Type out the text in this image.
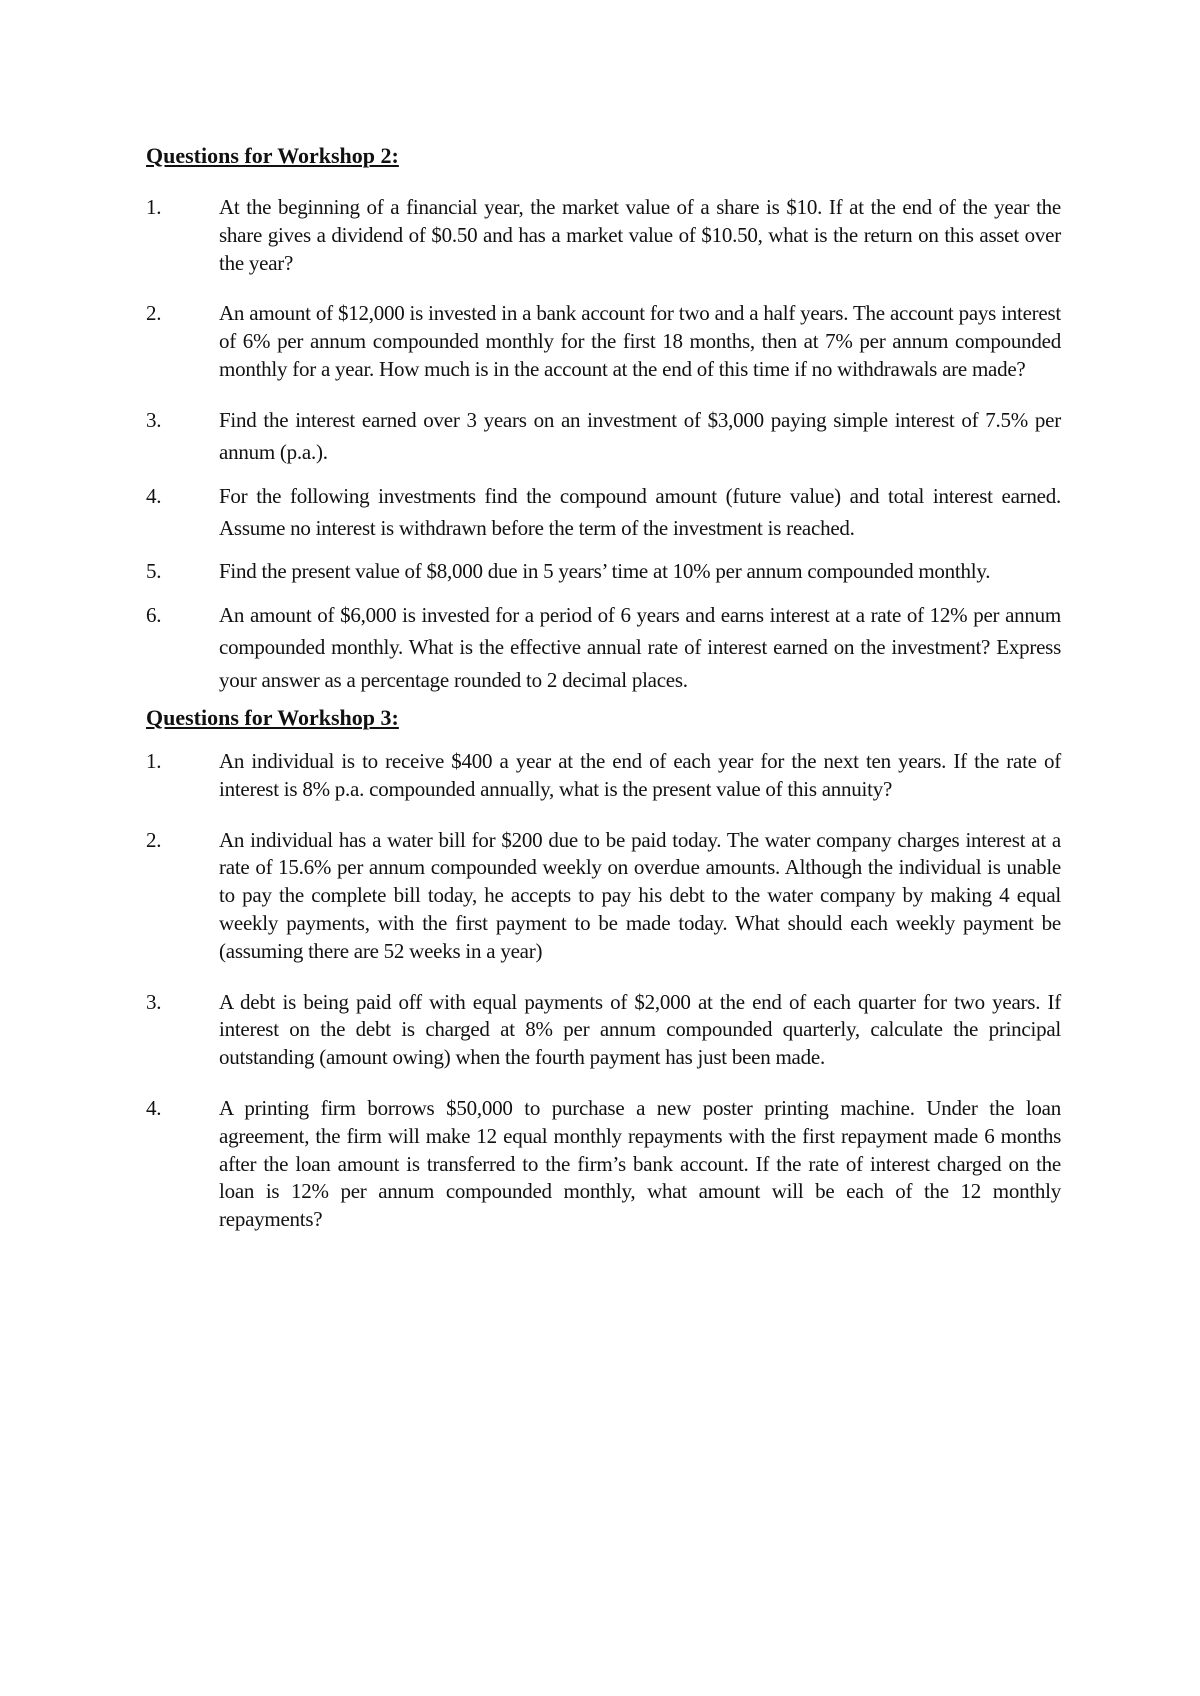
Questions for Workshop 2:
1.	At the beginning of a financial year, the market value of a share is $10. If at the end of the year the share gives a dividend of $0.50 and has a market value of $10.50, what is the return on this asset over the year?
2.	An amount of $12,000 is invested in a bank account for two and a half years. The account pays interest of 6% per annum compounded monthly for the first 18 months, then at 7% per annum compounded monthly for a year. How much is in the account at the end of this time if no withdrawals are made?
3.	Find the interest earned over 3 years on an investment of $3,000 paying simple interest of 7.5% per annum (p.a.).
4.	For the following investments find the compound amount (future value) and total interest earned. Assume no interest is withdrawn before the term of the investment is reached.
5.	Find the present value of $8,000 due in 5 years’ time at 10% per annum compounded monthly.
6.	An amount of $6,000 is invested for a period of 6 years and earns interest at a rate of 12% per annum compounded monthly. What is the effective annual rate of interest earned on the investment? Express your answer as a percentage rounded to 2 decimal places.
Questions for Workshop 3:
1.	An individual is to receive $400 a year at the end of each year for the next ten years. If the rate of interest is 8% p.a. compounded annually, what is the present value of this annuity?
2.	An individual has a water bill for $200 due to be paid today. The water company charges interest at a rate of 15.6% per annum compounded weekly on overdue amounts. Although the individual is unable to pay the complete bill today, he accepts to pay his debt to the water company by making 4 equal weekly payments, with the first payment to be made today. What should each weekly payment be (assuming there are 52 weeks in a year)
3.	A debt is being paid off with equal payments of $2,000 at the end of each quarter for two years. If interest on the debt is charged at 8% per annum compounded quarterly, calculate the principal outstanding (amount owing) when the fourth payment has just been made.
4.	A printing firm borrows $50,000 to purchase a new poster printing machine. Under the loan agreement, the firm will make 12 equal monthly repayments with the first repayment made 6 months after the loan amount is transferred to the firm’s bank account. If the rate of interest charged on the loan is 12% per annum compounded monthly, what amount will be each of the 12 monthly repayments?
